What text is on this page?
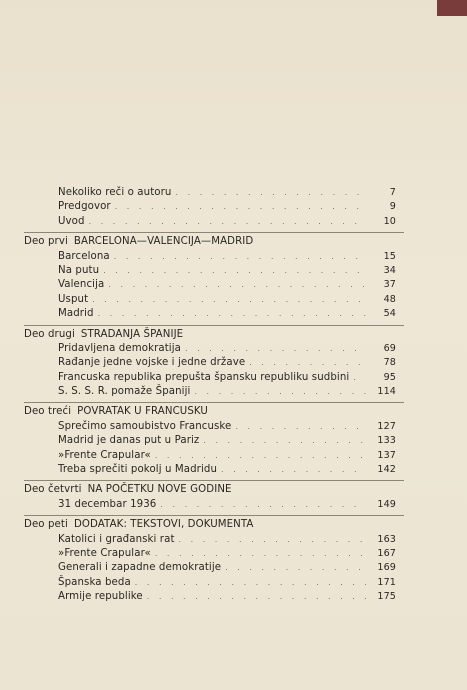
Nekoliko reči o autoru . . .	7
Predgovor . . .	9
Uvod . . .	10
Deo prvi BARCELONA—VALENCIJA—MADRID
Barcelona . . .	15
Na putu . . .	34
Valencija . . .	37
Usput . . .	48
Madrid . . .	54
Deo drugi STRADANJA ŠPANIJE
Pridavljena demokratija . . .	69
Rađanje jedne vojske i jedne države . . .	78
Francuska republika prepušta špansku republiku sudbini . . .	95
S. S. S. R. pomaže Španiji . . .	114
Deo treći POVRATAK U FRANCUSKU
Sprečimo samoubistvo Francuske . . .	127
Madrid je danas put u Pariz . . .	133
»Frente Crapular« . . .	137
Treba sprečiti pokolj u Madridu . . .	142
Deo četvrti NA POČETKU NOVE GODINE
31 decembar 1936 . . .	149
Deo peti DODATAK: TEKSTOVI, DOKUMENTA
Katolici i građanski rat . . .	163
»Frente Crapular« . . .	167
Generali i zapadne demokratije . . .	169
Španska beda . . .	171
Armije republike . . .	175
